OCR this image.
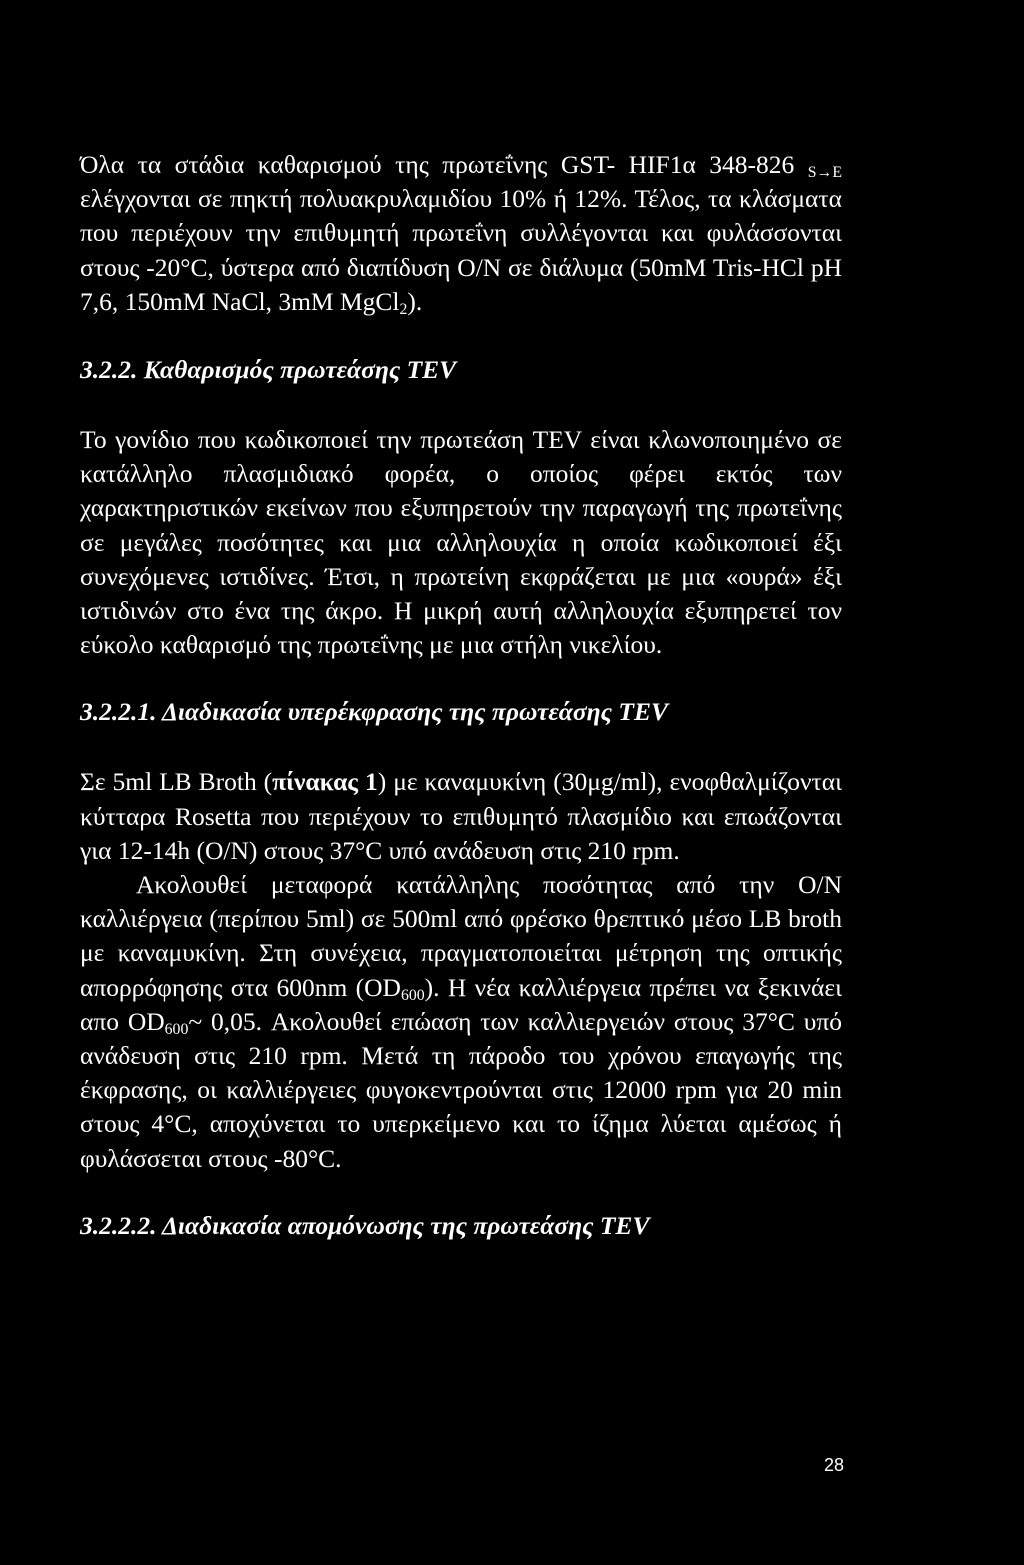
Όλα τα στάδια καθαρισμού της πρωτεΐνης GST- HIF1α 348-826 $_{S\to E}$ ελέγχονται σε πηκτή πολυακρυλαμιδίου 10% ή 12%. Τέλος, τα κλάσματα που περιέχουν την επιθυμητή πρωτεΐνη συλλέγονται και φυλάσσονται στους -20°C, ύστερα από διαπίδυση O/N σε διάλυμα (50mM Tris-HCl pH 7,6, 150mM NaCl, 3mM MgCl$_2$).

3.2.2. Καθαρισμός πρωτεάσης TEV

Το γονίδιο που κωδικοποιεί την πρωτεάση TEV είναι κλωνοποιημένο σε κατάλληλο πλασμιδιακό φορέα, ο οποίος φέρει εκτός των χαρακτηριστικών εκείνων που εξυπηρετούν την παραγωγή της πρωτεΐνης σε μεγάλες ποσότητες και μια αλληλουχία η οποία κωδικοποιεί έξι συνεχόμενες ιστιδίνες. Έτσι, η πρωτείνη εκφράζεται με μια «ουρά» έξι ιστιδινών στο ένα της άκρο. Η μικρή αυτή αλληλουχία εξυπηρετεί τον εύκολο καθαρισμό της πρωτεΐνης με μια στήλη νικελίου.

3.2.2.1. Διαδικασία υπερέκφρασης της πρωτεάσης TEV

Σε 5ml LB Broth (πίνακας 1) με καναμυκίνη (30μg/ml), ενοφθαλμίζονται κύτταρα Rosetta που περιέχουν το επιθυμητό πλασμίδιο και επωάζονται για 12-14h (O/N) στους 37°C υπό ανάδευση στις 210 rpm.

Ακολουθεί μεταφορά κατάλληλης ποσότητας από την O/N καλλιέργεια (περίπου 5ml) σε 500ml από φρέσκο θρεπτικό μέσο LB broth με καναμυκίνη. Στη συνέχεια, πραγματοποιείται μέτρηση της οπτικής απορρόφησης στα 600nm $(OD_{600})$. Η νέα καλλιέργεια πρέπει να ξεκινάει απο $OD_{600}\sim$ 0,05. Ακολουθεί επώαση των καλλιεργειών στους 37°C υπό ανάδευση στις 210 rpm. Μετά τη πάροδο του χρόνου επαγωγής της έκφρασης, οι καλλιέργειες φυγοκεντρούνται στις 12000 rpm για 20 min στους 4°C, αποχύνεται το υπερκείμενο και το ίζημα λύεται αμέσως ή φυλάσσεται στους -80°C.

3.2.2.2. Διαδικασία απομόνωσης της πρωτεάσης TEV
28
